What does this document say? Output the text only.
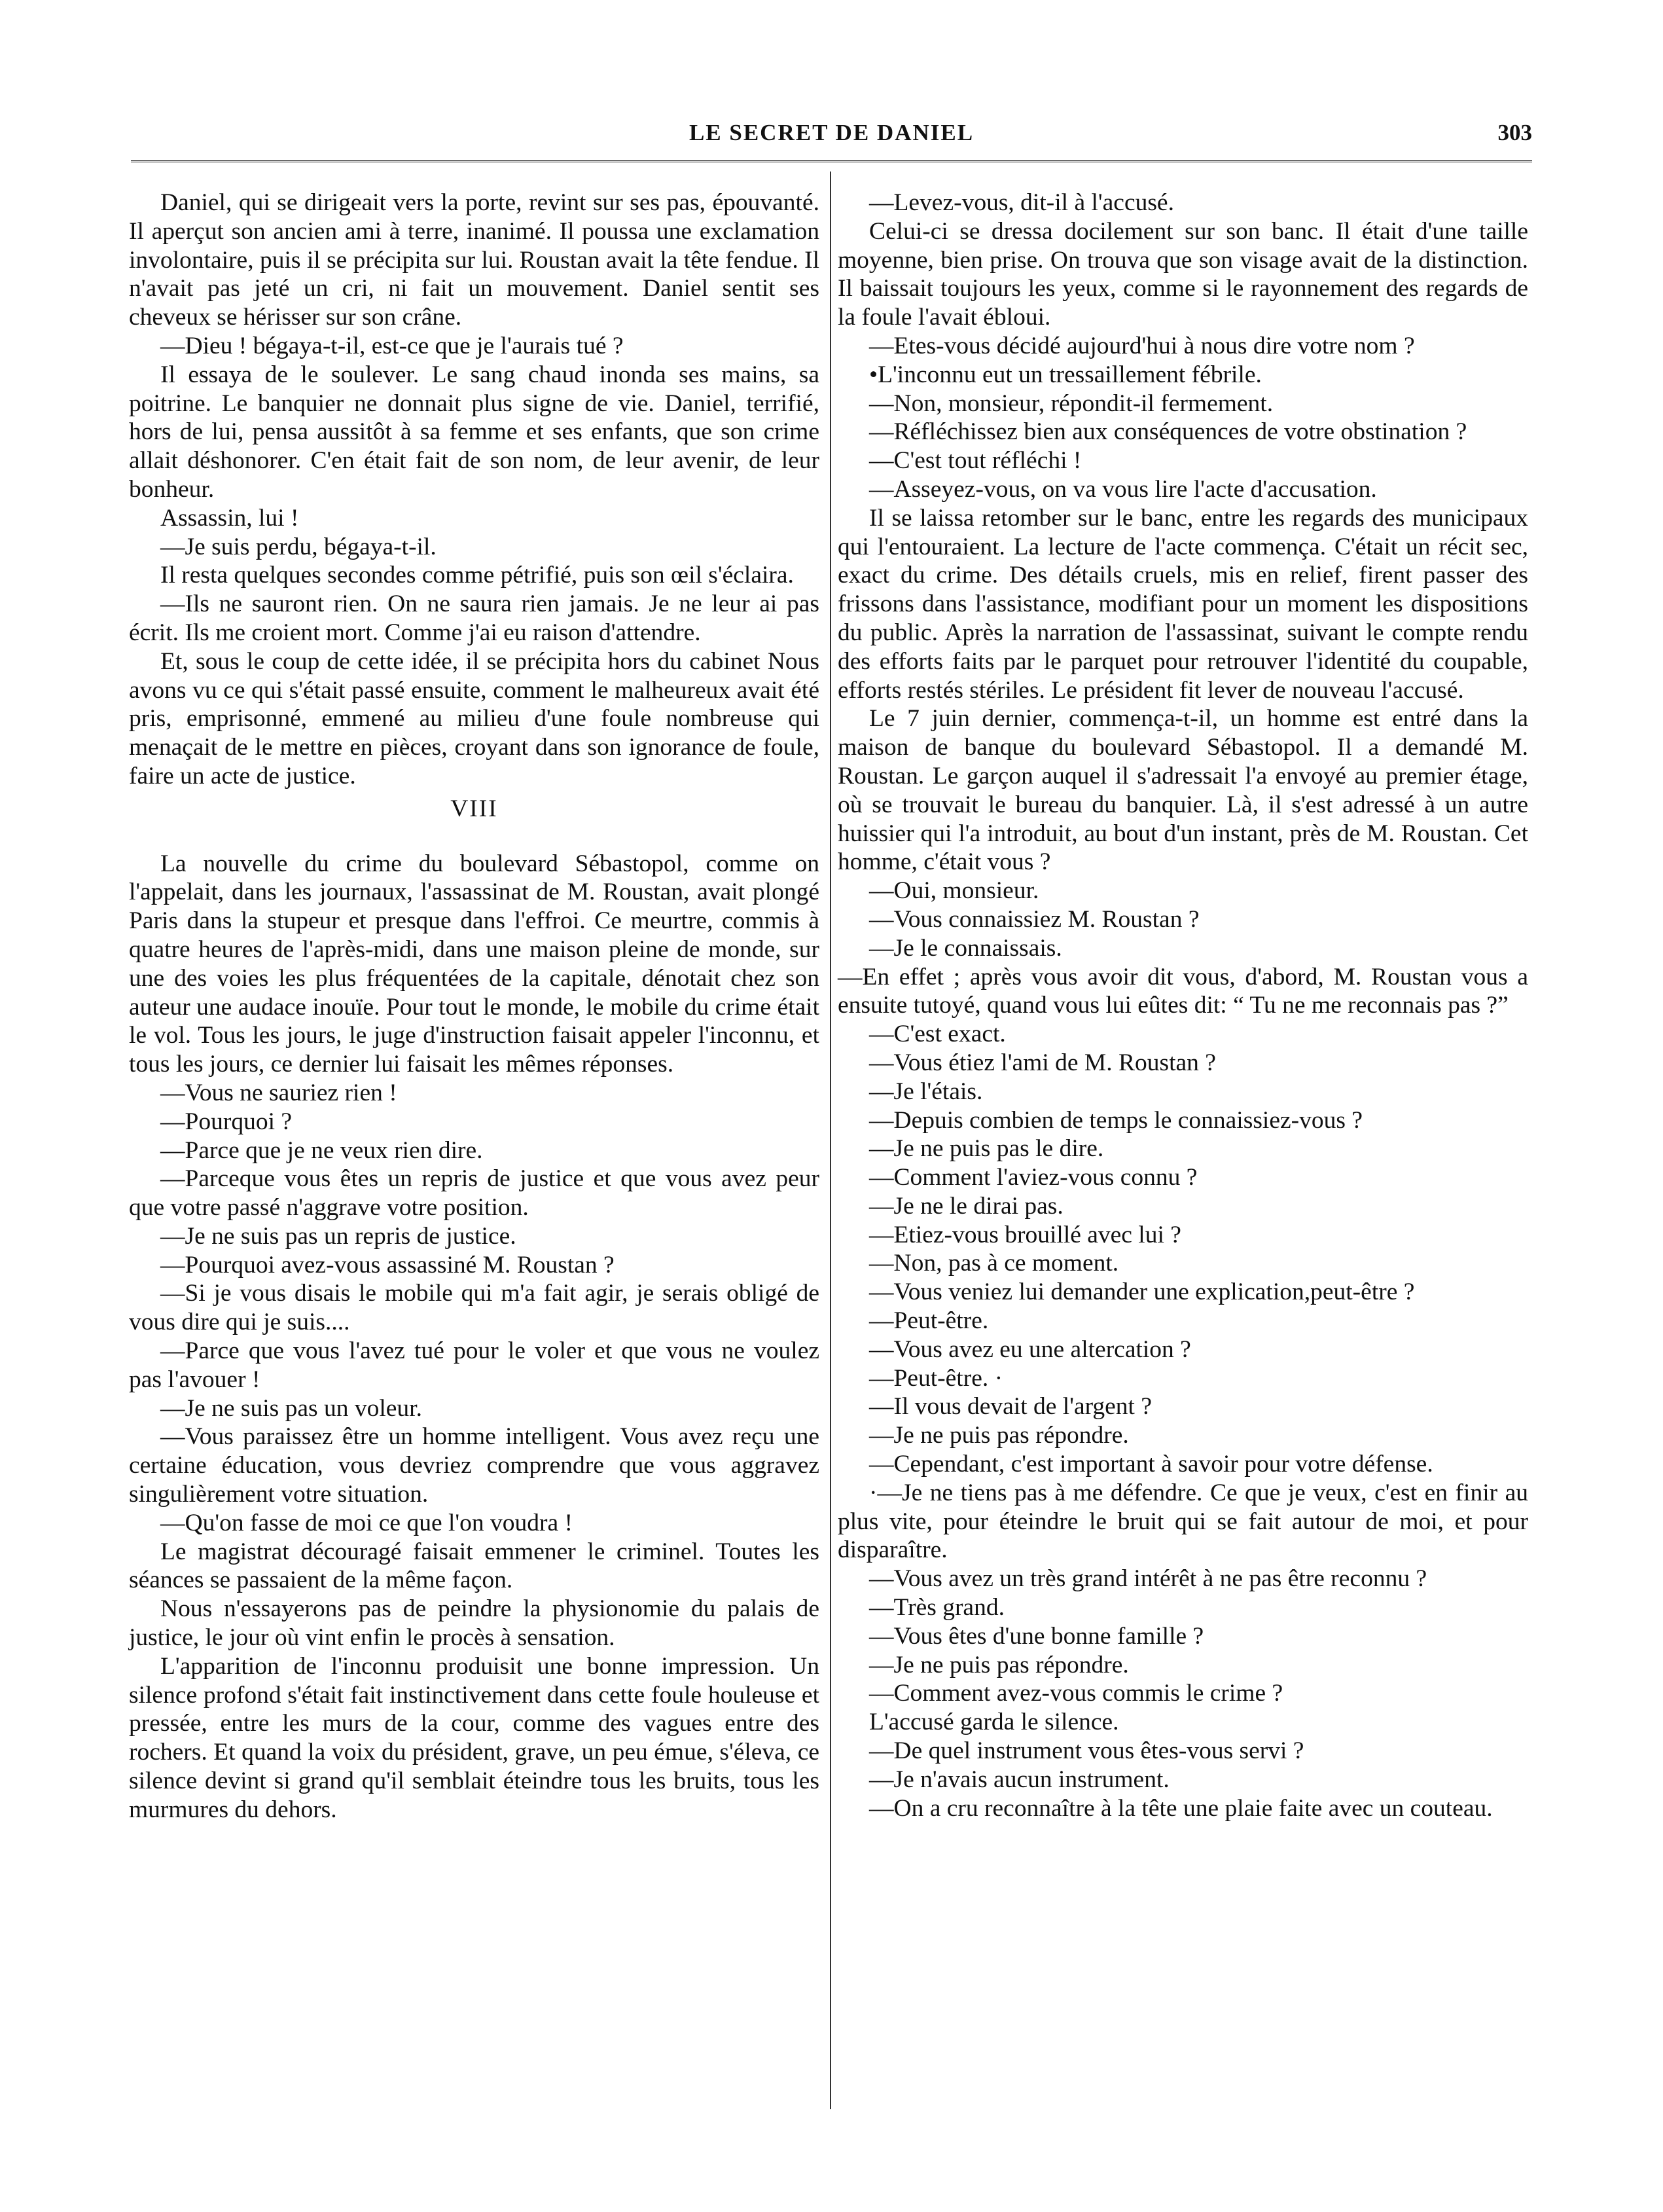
LE SECRET DE DANIEL	303

Daniel, qui se dirigeait vers la porte, revint sur ses pas, épouvanté. Il aperçut son ancien ami à terre, inanimé. Il poussa une exclamation involontaire, puis il se précipita sur lui. Roustan avait la tête fendue. Il n'avait pas jeté un cri, ni fait un mouvement. Daniel sentit ses cheveux se hérisser sur son crâne.

—Dieu ! bégaya-t-il, est-ce que je l'aurais tué ?

Il essaya de le soulever. Le sang chaud inonda ses mains, sa poitrine. Le banquier ne donnait plus signe de vie. Daniel, terrifié, hors de lui, pensa aussitôt à sa femme et ses enfants, que son crime allait déshonorer. C'en était fait de son nom, de leur avenir, de leur bonheur.

Assassin, lui !

—Je suis perdu, bégaya-t-il.

Il resta quelques secondes comme pétrifié, puis son œil s'éclaira.

—Ils ne sauront rien. On ne saura rien jamais. Je ne leur ai pas écrit. Ils me croient mort. Comme j'ai eu raison d'attendre.

Et, sous le coup de cette idée, il se précipita hors du cabinet Nous avons vu ce qui s'était passé ensuite, comment le malheureux avait été pris, emprisonné, emmené au milieu d'une foule nombreuse qui menaçait de le mettre en pièces, croyant dans son ignorance de foule, faire un acte de justice.

VIII

La nouvelle du crime du boulevard Sébastopol, comme on l'appelait, dans les journaux, l'assassinat de M. Roustan, avait plongé Paris dans la stupeur et presque dans l'effroi. Ce meurtre, commis à quatre heures de l'après-midi, dans une maison pleine de monde, sur une des voies les plus fréquentées de la capitale, dénotait chez son auteur une audace inouïe. Pour tout le monde, le mobile du crime était le vol. Tous les jours, le juge d'instruction faisait appeler l'inconnu, et tous les jours, ce dernier lui faisait les mêmes réponses.

—Vous ne sauriez rien !

—Pourquoi ?

—Parce que je ne veux rien dire.

—Parceque vous êtes un repris de justice et que vous avez peur que votre passé n'aggrave votre position.

—Je ne suis pas un repris de justice.

—Pourquoi avez-vous assassiné M. Roustan ?

—Si je vous disais le mobile qui m'a fait agir, je serais obligé de vous dire qui je suis....

—Parce que vous l'avez tué pour le voler et que vous ne voulez pas l'avouer !

—Je ne suis pas un voleur.

—Vous paraissez être un homme intelligent. Vous avez reçu une certaine éducation, vous devriez comprendre que vous aggravez singulièrement votre situation.

—Qu'on fasse de moi ce que l'on voudra !

Le magistrat découragé faisait emmener le criminel. Toutes les séances se passaient de la même façon.

Nous n'essayerons pas de peindre la physionomie du palais de justice, le jour où vint enfin le procès à sensation.

L'apparition de l'inconnu produisit une bonne impression. Un silence profond s'était fait instinctivement dans cette foule houleuse et pressée, entre les murs de la cour, comme des vagues entre des rochers. Et quand la voix du président, grave, un peu émue, s'éleva, ce silence devint si grand qu'il semblait éteindre tous les bruits, tous les murmures du dehors.

—Levez-vous, dit-il à l'accusé.

Celui-ci se dressa docilement sur son banc. Il était d'une taille moyenne, bien prise. On trouva que son visage avait de la distinction. Il baissait toujours les yeux, comme si le rayonnement des regards de la foule l'avait ébloui.

—Etes-vous décidé aujourd'hui à nous dire votre nom ?

•L'inconnu eut un tressaillement fébrile.

—Non, monsieur, répondit-il fermement.

—Réfléchissez bien aux conséquences de votre obstination ?

—C'est tout réfléchi !

—Asseyez-vous, on va vous lire l'acte d'accusation.

Il se laissa retomber sur le banc, entre les regards des municipaux qui l'entouraient. La lecture de l'acte commença. C'était un récit sec, exact du crime. Des détails cruels, mis en relief, firent passer des frissons dans l'assistance, modifiant pour un moment les dispositions du public. Après la narration de l'assassinat, suivant le compte rendu des efforts faits par le parquet pour retrouver l'identité du coupable, efforts restés stériles. Le président fit lever de nouveau l'accusé.

Le 7 juin dernier, commença-t-il, un homme est entré dans la maison de banque du boulevard Sébastopol. Il a demandé M. Roustan. Le garçon auquel il s'adressait l'a envoyé au premier étage, où se trouvait le bureau du banquier. Là, il s'est adressé à un autre huissier qui l'a introduit, au bout d'un instant, près de M. Roustan. Cet homme, c'était vous ?

—Oui, monsieur.

—Vous connaissiez M. Roustan ?

—Je le connaissais.

—En effet ; après vous avoir dit vous, d'abord, M. Roustan vous a ensuite tutoyé, quand vous lui eûtes dit: “ Tu ne me reconnais pas ?”

—C'est exact.

—Vous étiez l'ami de M. Roustan ?

—Je l'étais.

—Depuis combien de temps le connaissiez-vous ?

—Je ne puis pas le dire.

—Comment l'aviez-vous connu ?

—Je ne le dirai pas.

—Etiez-vous brouillé avec lui ?

—Non, pas à ce moment.

—Vous veniez lui demander une explication,peut-être ?

—Peut-être.

—Vous avez eu une altercation ?

—Peut-être. ·

—Il vous devait de l'argent ?

—Je ne puis pas répondre.

—Cependant, c'est important à savoir pour votre défense.

·—Je ne tiens pas à me défendre. Ce que je veux, c'est en finir au plus vite, pour éteindre le bruit qui se fait autour de moi, et pour disparaître.

—Vous avez un très grand intérêt à ne pas être reconnu ?

—Très grand.

—Vous êtes d'une bonne famille ?

—Je ne puis pas répondre.

—Comment avez-vous commis le crime ?

L'accusé garda le silence.

—De quel instrument vous êtes-vous servi ?

—Je n'avais aucun instrument.

—On a cru reconnaître à la tête une plaie faite avec un couteau.
